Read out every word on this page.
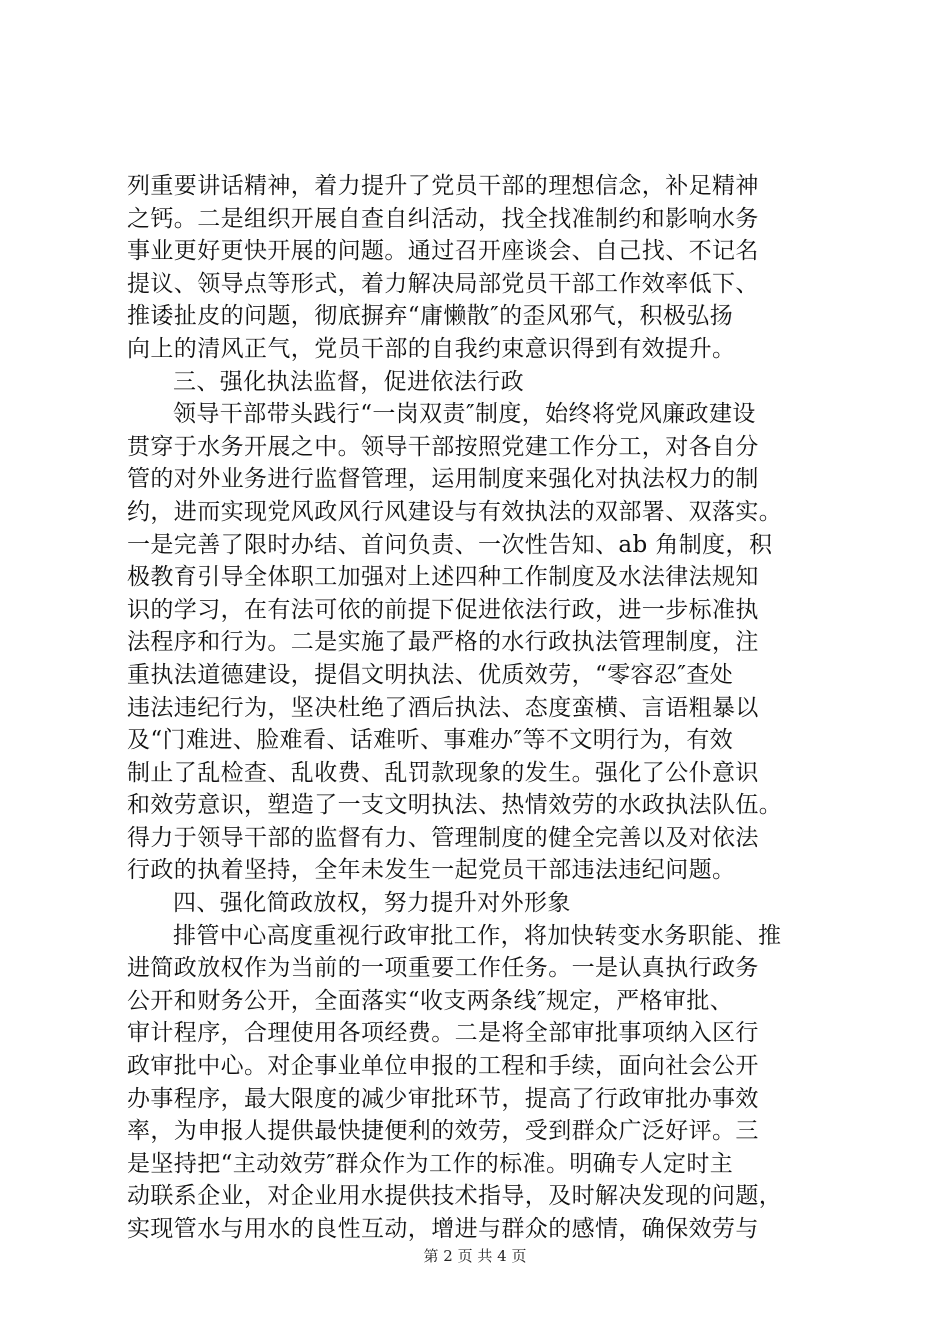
列重要讲话精神，着力提升了党员干部的理想信念，补足精神
之钙。二是组织开展自查自纠活动，找全找准制约和影响水务
事业更好更快开展的问题。通过召开座谈会、自己找、不记名
提议、领导点等形式，着力解决局部党员干部工作效率低下、
推诿扯皮的问题，彻底摒弃“庸懒散″的歪风邪气，积极弘扬
向上的清风正气，党员干部的自我约束意识得到有效提升。
三、强化执法监督，促进依法行政
领导干部带头践行“一岗双责″制度，始终将党风廉政建设
贯穿于水务开展之中。领导干部按照党建工作分工，对各自分
管的对外业务进行监督管理，运用制度来强化对执法权力的制
约，进而实现党风政风行风建设与有效执法的双部署、双落实。
一是完善了限时办结、首问负责、一次性告知、ab 角制度，积
极教育引导全体职工加强对上述四种工作制度及水法律法规知
识的学习，在有法可依的前提下促进依法行政，进一步标准执
法程序和行为。二是实施了最严格的水行政执法管理制度，注
重执法道德建设，提倡文明执法、优质效劳，“零容忍″查处
违法违纪行为，坚决杜绝了酒后执法、态度蛮横、言语粗暴以
及“门难进、脸难看、话难听、事难办″等不文明行为，有效
制止了乱检查、乱收费、乱罚款现象的发生。强化了公仆意识
和效劳意识，塑造了一支文明执法、热情效劳的水政执法队伍。
得力于领导干部的监督有力、管理制度的健全完善以及对依法
行政的执着坚持，全年未发生一起党员干部违法违纪问题。
四、强化简政放权，努力提升对外形象
排管中心高度重视行政审批工作，将加快转变水务职能、推
进简政放权作为当前的一项重要工作任务。一是认真执行政务
公开和财务公开，全面落实“收支两条线″规定，严格审批、
审计程序，合理使用各项经费。二是将全部审批事项纳入区行
政审批中心。对企事业单位申报的工程和手续，面向社会公开
办事程序，最大限度的减少审批环节，提高了行政审批办事效
率，为申报人提供最快捷便利的效劳，受到群众广泛好评。三
是坚持把“主动效劳″群众作为工作的标准。明确专人定时主
动联系企业，对企业用水提供技术指导，及时解决发现的问题，
实现管水与用水的良性互动，增进与群众的感情，确保效劳与
第 2 页 共 4 页
